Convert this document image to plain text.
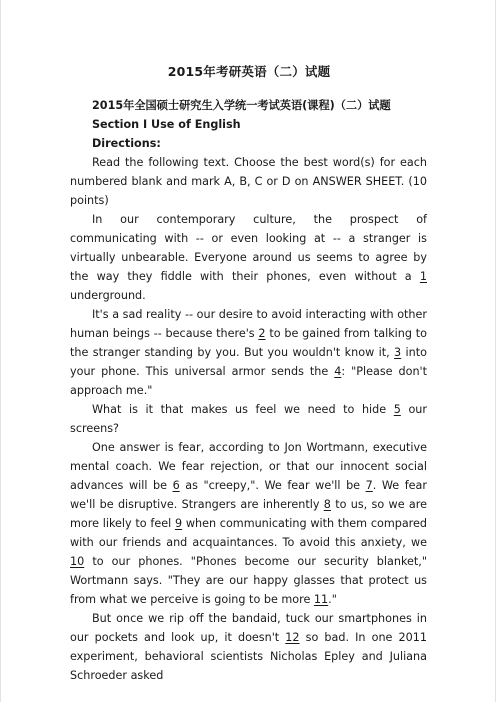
2015年考研英语（二）试题

2015年全国硕士研究生入学统一考试英语(课程)（二）试题

Section I Use of English

Directions:

Read the following text. Choose the best word(s) for each numbered blank and mark A, B, C or D on ANSWER SHEET. (10 points)

In our contemporary culture, the prospect of communicating with -- or even looking at -- a stranger is virtually unbearable. Everyone around us seems to agree by the way they fiddle with their phones, even without a 1 underground.

It's a sad reality -- our desire to avoid interacting with other human beings -- because there's 2 to be gained from talking to the stranger standing by you. But you wouldn't know it, 3 into your phone. This universal armor sends the 4: "Please don't approach me."

What is it that makes us feel we need to hide 5 our screens?

One answer is fear, according to Jon Wortmann, executive mental coach. We fear rejection, or that our innocent social advances will be 6 as "creepy,". We fear we'll be 7. We fear we'll be disruptive. Strangers are inherently 8 to us, so we are more likely to feel 9 when communicating with them compared with our friends and acquaintances. To avoid this anxiety, we 10 to our phones. "Phones become our security blanket," Wortmann says. "They are our happy glasses that protect us from what we perceive is going to be more 11."

But once we rip off the bandaid, tuck our smartphones in our pockets and look up, it doesn't 12 so bad. In one 2011 experiment, behavioral scientists Nicholas Epley and Juliana Schroeder asked
